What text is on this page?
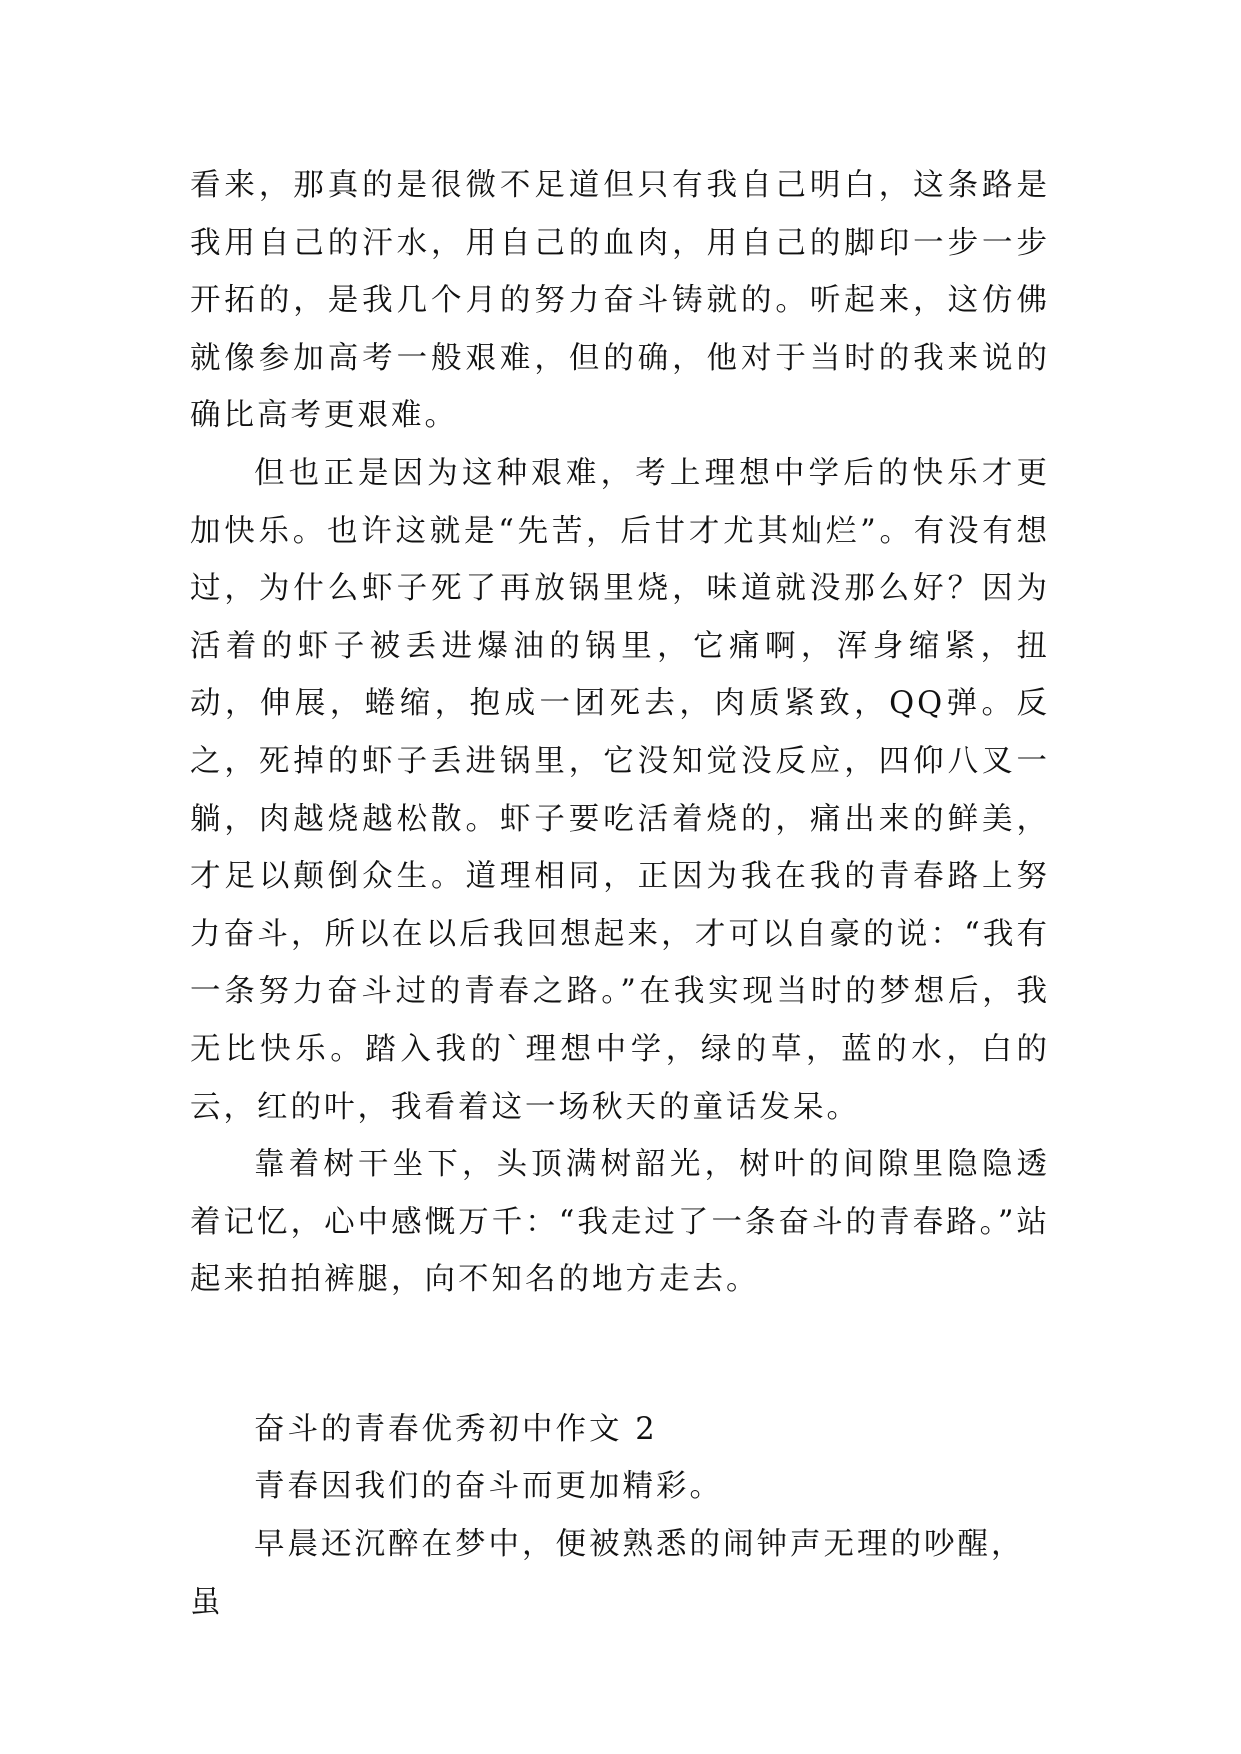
看来，那真的是很微不足道但只有我自己明白，这条路是我用自己的汗水，用自己的血肉，用自己的脚印一步一步开拓的，是我几个月的努力奋斗铸就的。听起来，这仿佛就像参加高考一般艰难，但的确，他对于当时的我来说的确比高考更艰难。

但也正是因为这种艰难，考上理想中学后的快乐才更加快乐。也许这就是“先苦，后甘才尤其灿烂”。有没有想过，为什么虾子死了再放锅里烧，味道就没那么好？因为活着的虾子被丢进爆油的锅里，它痛啊，浑身缩紧，扭动，伸展，蜷缩，抱成一团死去，肉质紧致，QQ弹。反之，死掉的虾子丢进锅里，它没知觉没反应，四仰八叉一躺，肉越烧越松散。虾子要吃活着烧的，痛出来的鲜美，才足以颠倒众生。道理相同，正因为我在我的青春路上努力奋斗，所以在以后我回想起来，才可以自豪的说：“我有一条努力奋斗过的青春之路。”在我实现当时的梦想后，我无比快乐。踏入我的`理想中学，绿的草，蓝的水，白的云，红的叶，我看着这一场秋天的童话发呆。

靠着树干坐下，头顶满树韶光，树叶的间隙里隐隐透着记忆，心中感慨万千：“我走过了一条奋斗的青春路。”站起来拍拍裤腿，向不知名的地方走去。

奋斗的青春优秀初中作文 2

青春因我们的奋斗而更加精彩。

早晨还沉醉在梦中，便被熟悉的闹钟声无理的吵醒，虽
